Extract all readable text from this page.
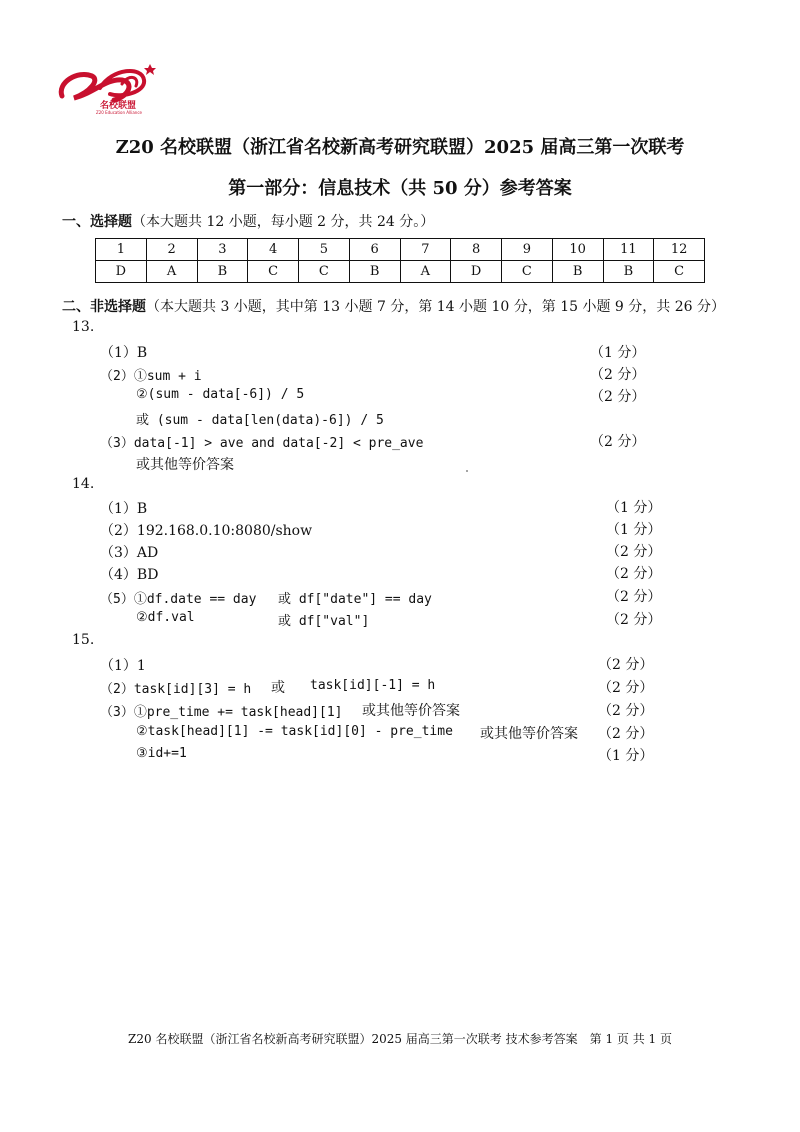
名校联盟
Z20 Education Alliance
Z20 名校联盟（浙江省名校新高考研究联盟）2025 届高三第一次联考
第一部分：信息技术（共 50 分）参考答案
一、选择题（本大题共 12 小题，每小题 2 分，共 24 分。）
1	2	3	4	5	6	7	8	9	10	11	12
D	A	B	C	C	B	A	D	C	B	B	C
二、非选择题（本大题共 3 小题，其中第 13 小题 7 分，第 14 小题 10 分，第 15 小题 9 分，共 26 分）
13.
（1）B	（1 分）
（2）①sum + i	（2 分）
②(sum - data[-6]) / 5	（2 分）
或 (sum - data[len(data)-6]) / 5
（3）data[-1] > ave and data[-2] < pre_ave	（2 分）
或其他等价答案
14.
（1）B	（1 分）
（2）192.168.0.10:8080/show	（1 分）
（3）AD	（2 分）
（4）BD	（2 分）
（5）①df.date == day 或 df["date"] == day	（2 分）
②df.val	或 df["val"]	（2 分）
15.
（1）1	（2 分）
（2）task[id][3] = h 或 task[id][-1] = h	（2 分）
（3）①pre_time += task[head][1] 或其他等价答案	（2 分）
②task[head][1] -= task[id][0] - pre_time 或其他等价答案 （2 分）
③id+=1	（1 分）
Z20 名校联盟（浙江省名校新高考研究联盟）2025 届高三第一次联考 技术参考答案　第 1 页 共 1 页
